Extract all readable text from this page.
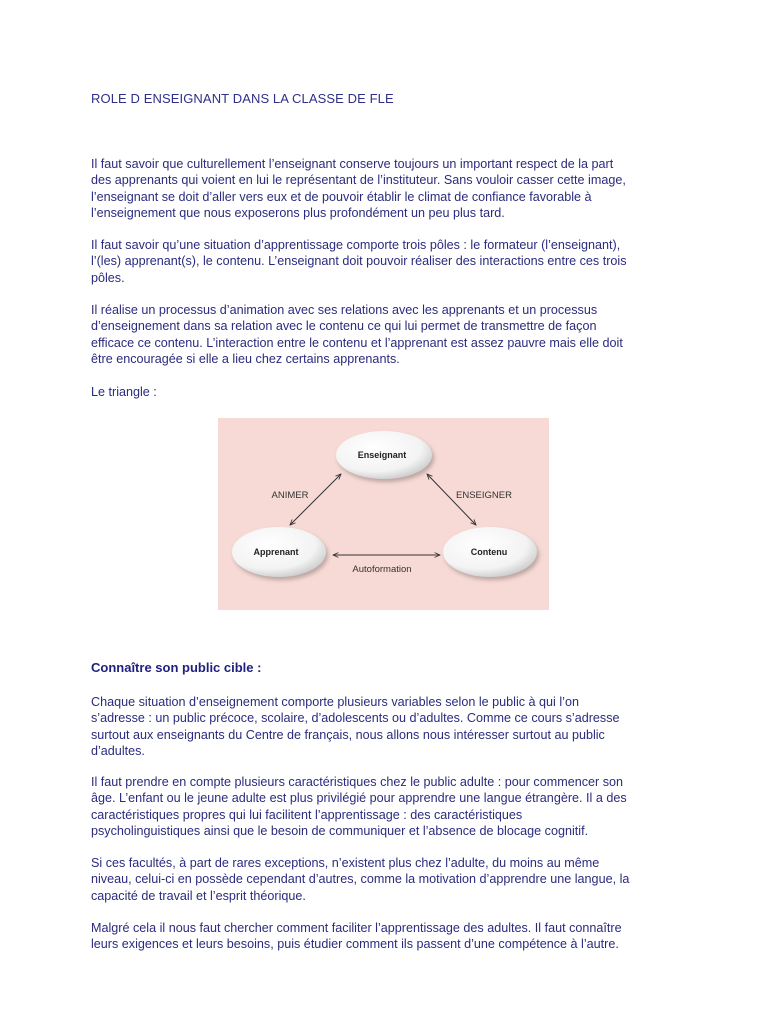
ROLE D ENSEIGNANT DANS LA CLASSE DE FLE

Il faut savoir que culturellement l’enseignant conserve toujours un important respect de la part
des apprenants qui voient en lui le représentant de l’instituteur. Sans vouloir casser cette image,
l’enseignant se doit d’aller vers eux et de pouvoir établir le climat de confiance favorable à
l’enseignement que nous exposerons plus profondément un peu plus tard.

Il faut savoir qu’une situation d’apprentissage comporte trois pôles : le formateur (l’enseignant),
l’(les) apprenant(s), le contenu. L’enseignant doit pouvoir réaliser des interactions entre ces trois
pôles.

Il réalise un processus d’animation avec ses relations avec les apprenants et un processus
d’enseignement dans sa relation avec le contenu ce qui lui permet de transmettre de façon
efficace ce contenu. L’interaction entre le contenu et l’apprenant est assez pauvre mais elle doit
être encouragée si elle a lieu chez certains apprenants.

Le triangle :

Connaître son public cible :

Chaque situation d’enseignement comporte plusieurs variables selon le public à qui l’on
s’adresse : un public précoce, scolaire, d’adolescents ou d’adultes. Comme ce cours s’adresse
surtout aux enseignants du Centre de français, nous allons nous intéresser surtout au public
d’adultes.

Il faut prendre en compte plusieurs caractéristiques chez le public adulte : pour commencer son
âge. L’enfant ou le jeune adulte est plus privilégié pour apprendre une langue étrangère. Il a des
caractéristiques propres qui lui facilitent l’apprentissage : des caractéristiques
psycholinguistiques ainsi que le besoin de communiquer et l’absence de blocage cognitif.

Si ces facultés, à part de rares exceptions, n’existent plus chez l’adulte, du moins au même
niveau, celui-ci en possède cependant d’autres, comme la motivation d’apprendre une langue, la
capacité de travail et l’esprit théorique.

Malgré cela il nous faut chercher comment faciliter l’apprentissage des adultes. Il faut connaître
leurs exigences et leurs besoins, puis étudier comment ils passent d’une compétence à l’autre.

ANIMER	ENSEIGNER
Autoformation
Enseignant
Apprenant	Contenu
